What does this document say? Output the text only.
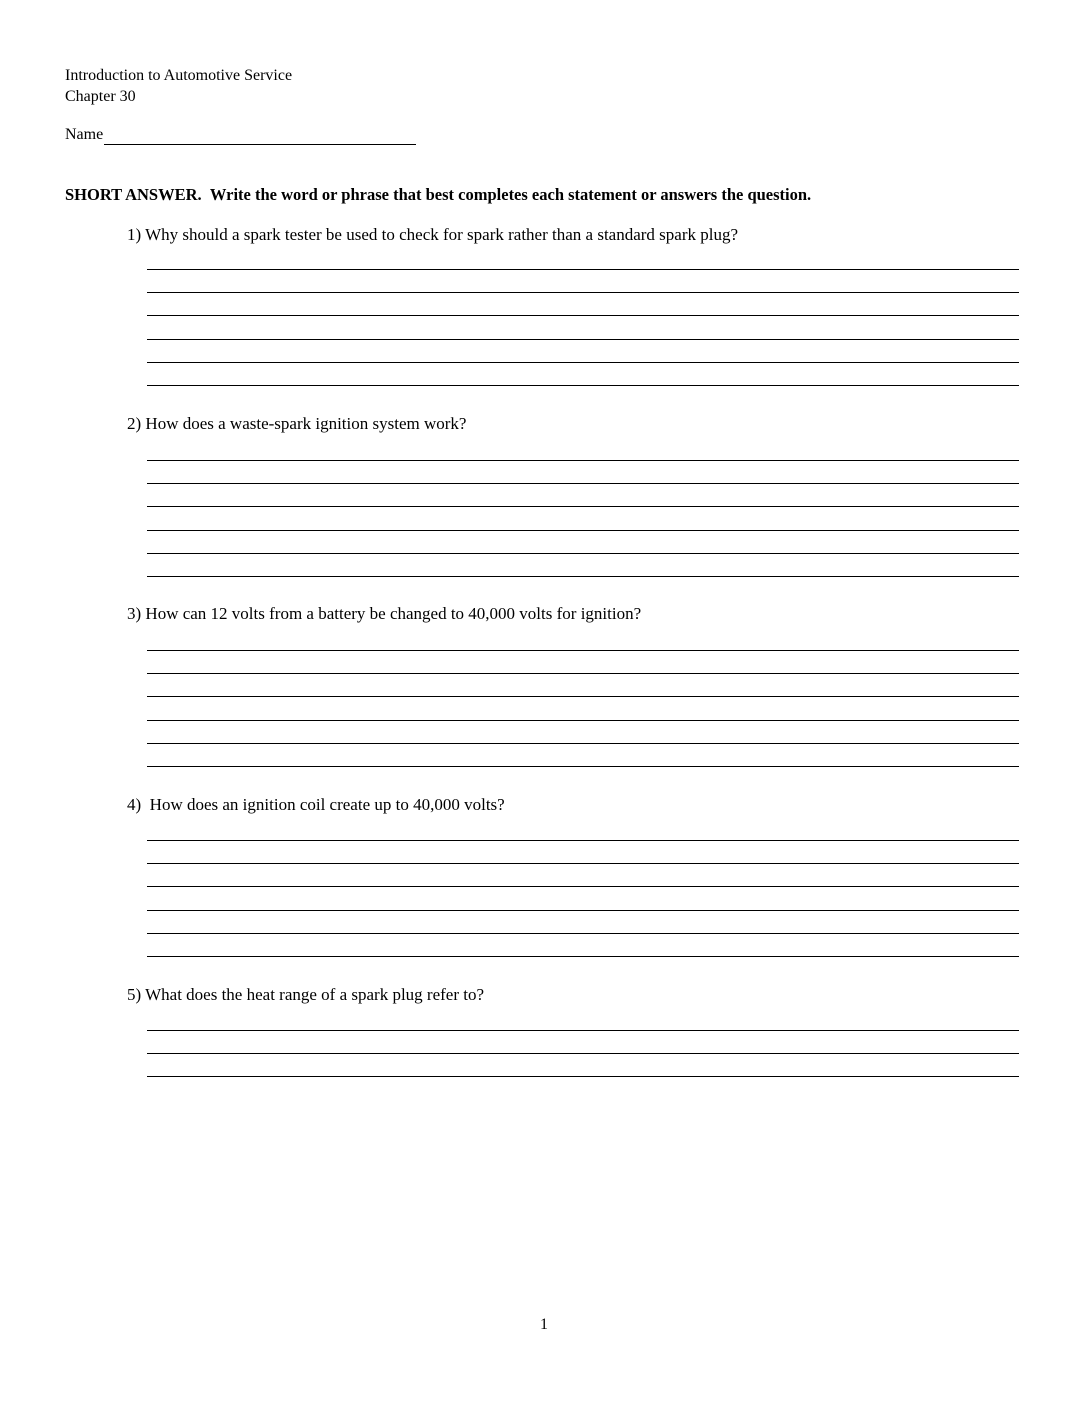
Introduction to Automotive Service
Chapter 30
Name
SHORT ANSWER. Write the word or phrase that best completes each statement or answers the question.
1) Why should a spark tester be used to check for spark rather than a standard spark plug?
2) How does a waste-spark ignition system work?
3) How can 12 volts from a battery be changed to 40,000 volts for ignition?
4)  How does an ignition coil create up to 40,000 volts?
5) What does the heat range of a spark plug refer to?
1
